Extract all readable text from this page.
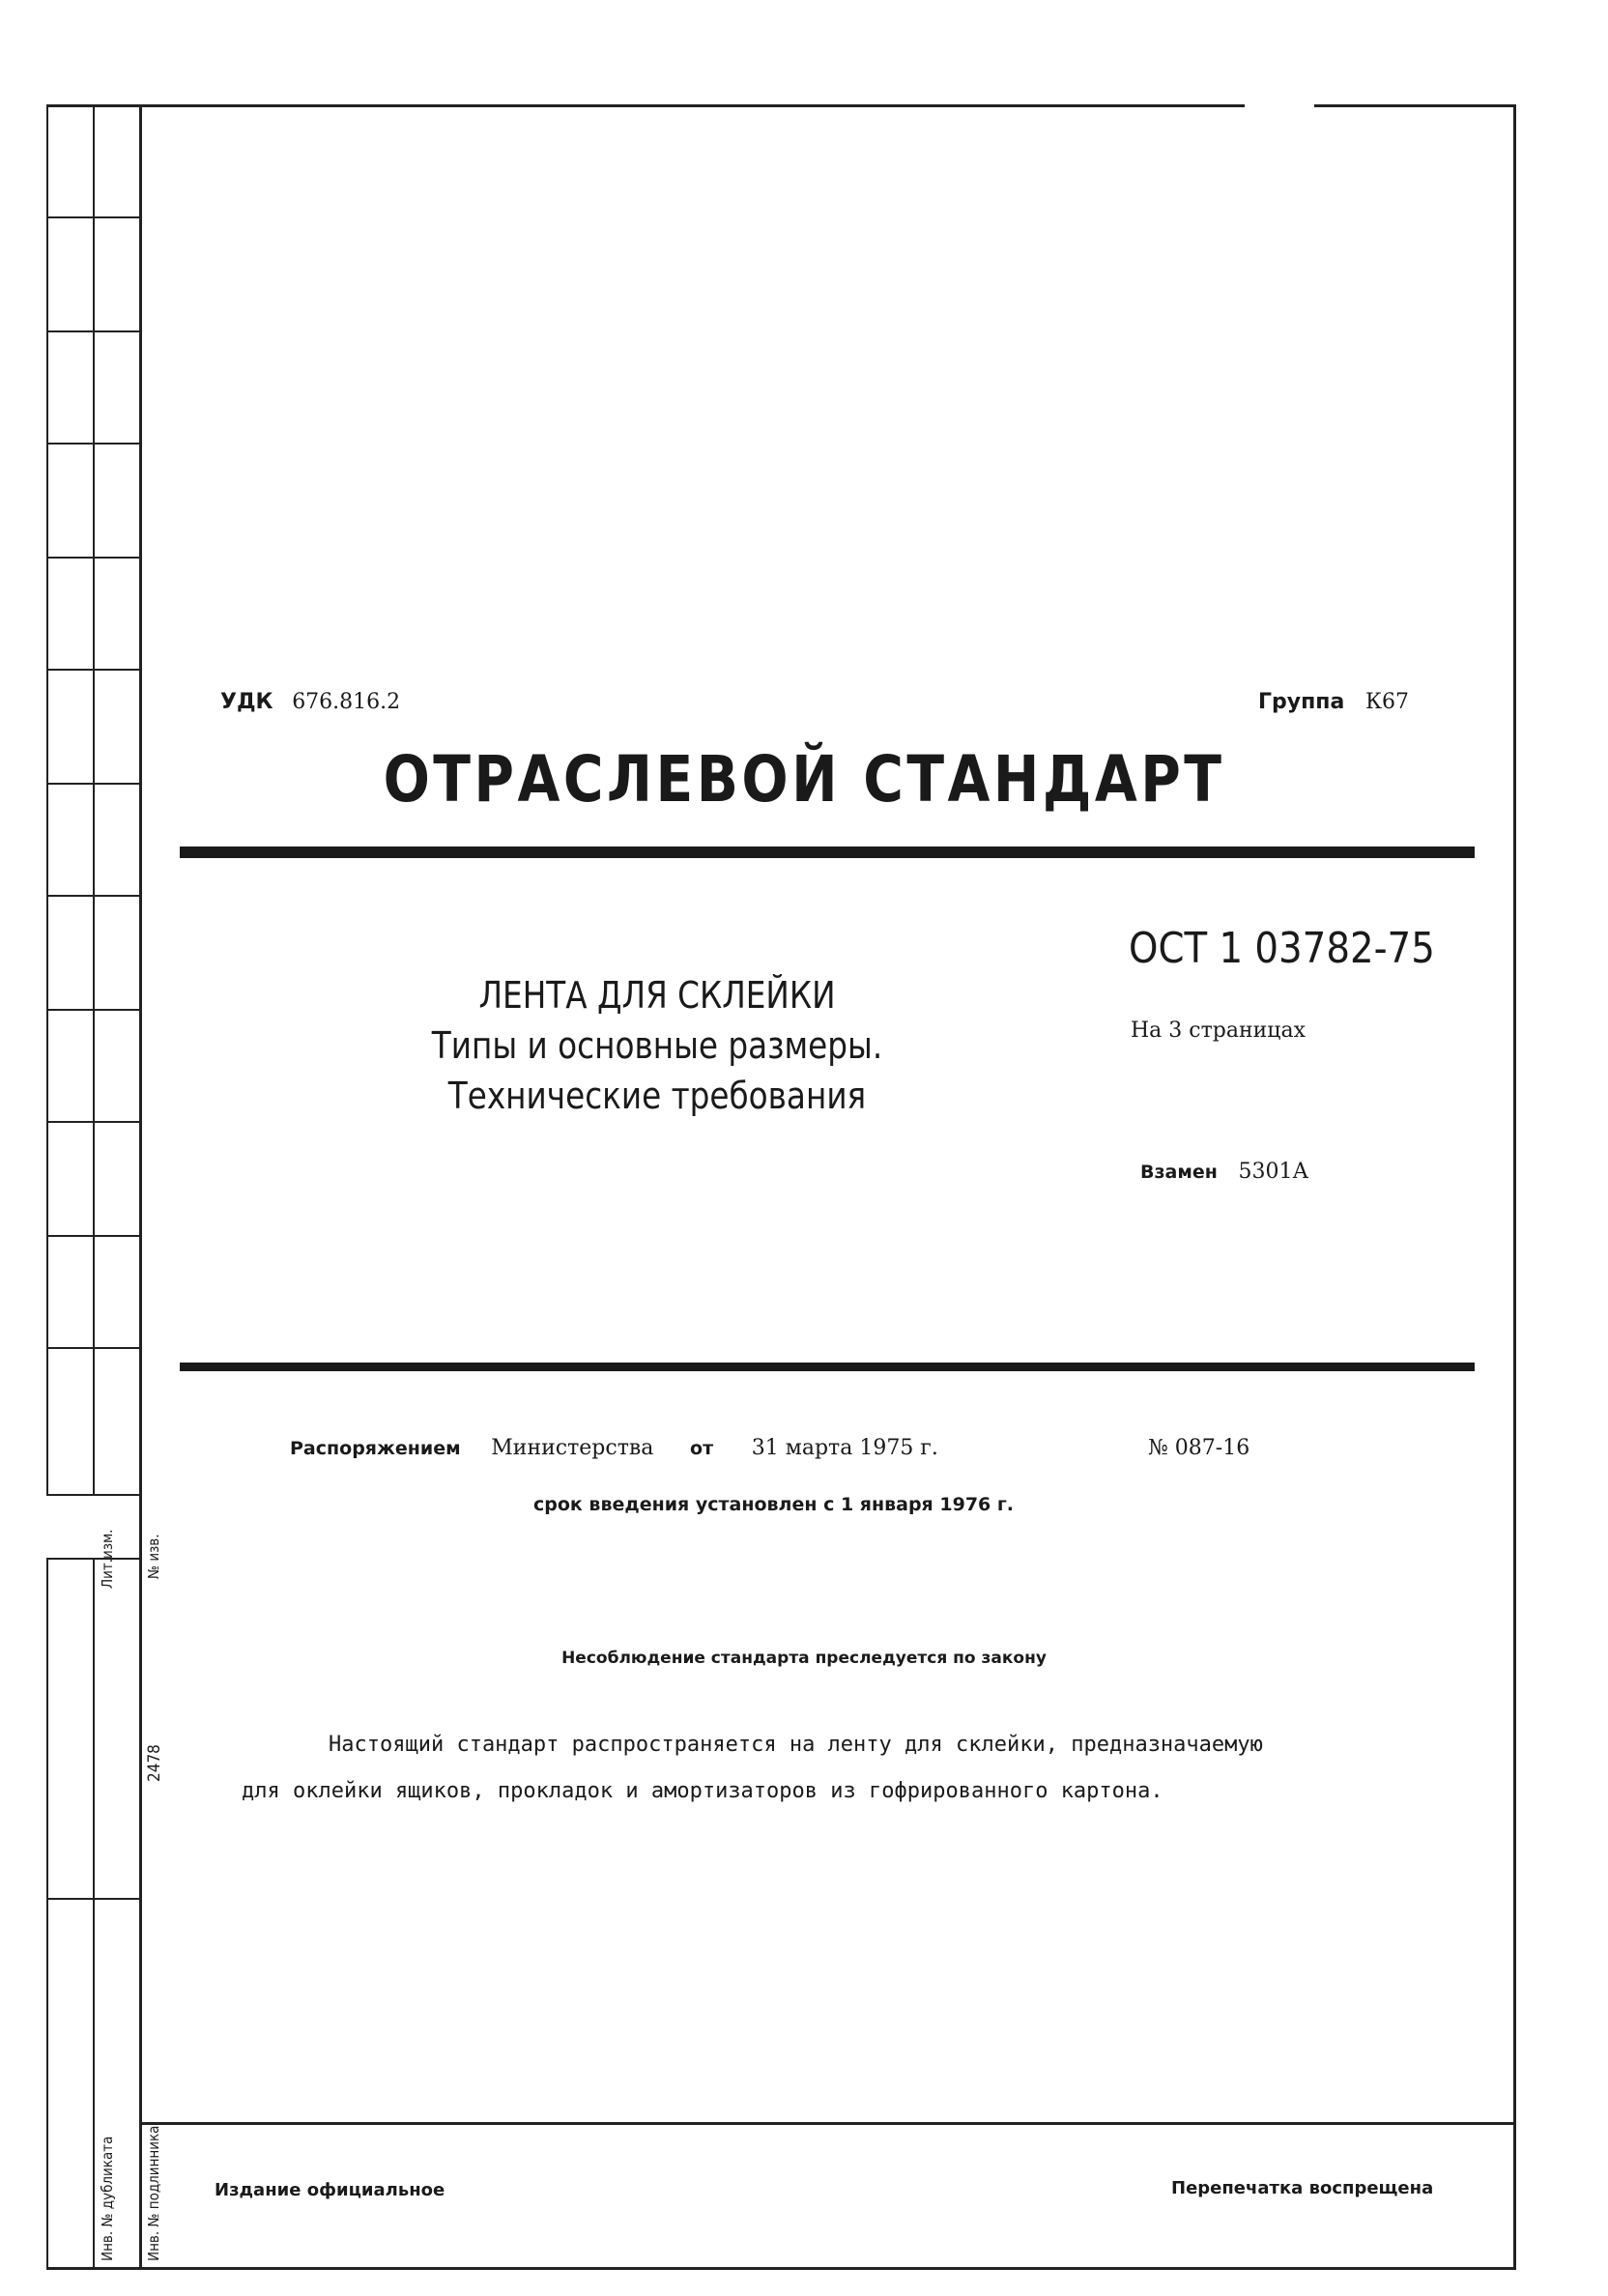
Лит.изм. № изв.
2478
Инв. № дубликата Инв. № подлинника
УДК 676.816.2	Группа К67
ОТРАСЛЕВОЙ СТАНДАРТ
ОСТ 1 03782-75
На 3 страницах
Взамен 5301А
ЛЕНТА ДЛЯ СКЛЕЙКИ
Типы и основные размеры.
Технические требования
Распоряжением Министерства от 31 марта 1975 г.	№ 087-16
срок введения установлен с 1 января 1976 г.
Несоблюдение стандарта преследуется по закону
Настоящий стандарт распространяется на ленту для склейки, предназначаемую
для оклейки ящиков, прокладок и амортизаторов из гофрированного картона.
Издание официальное	Перепечатка воспрещена
